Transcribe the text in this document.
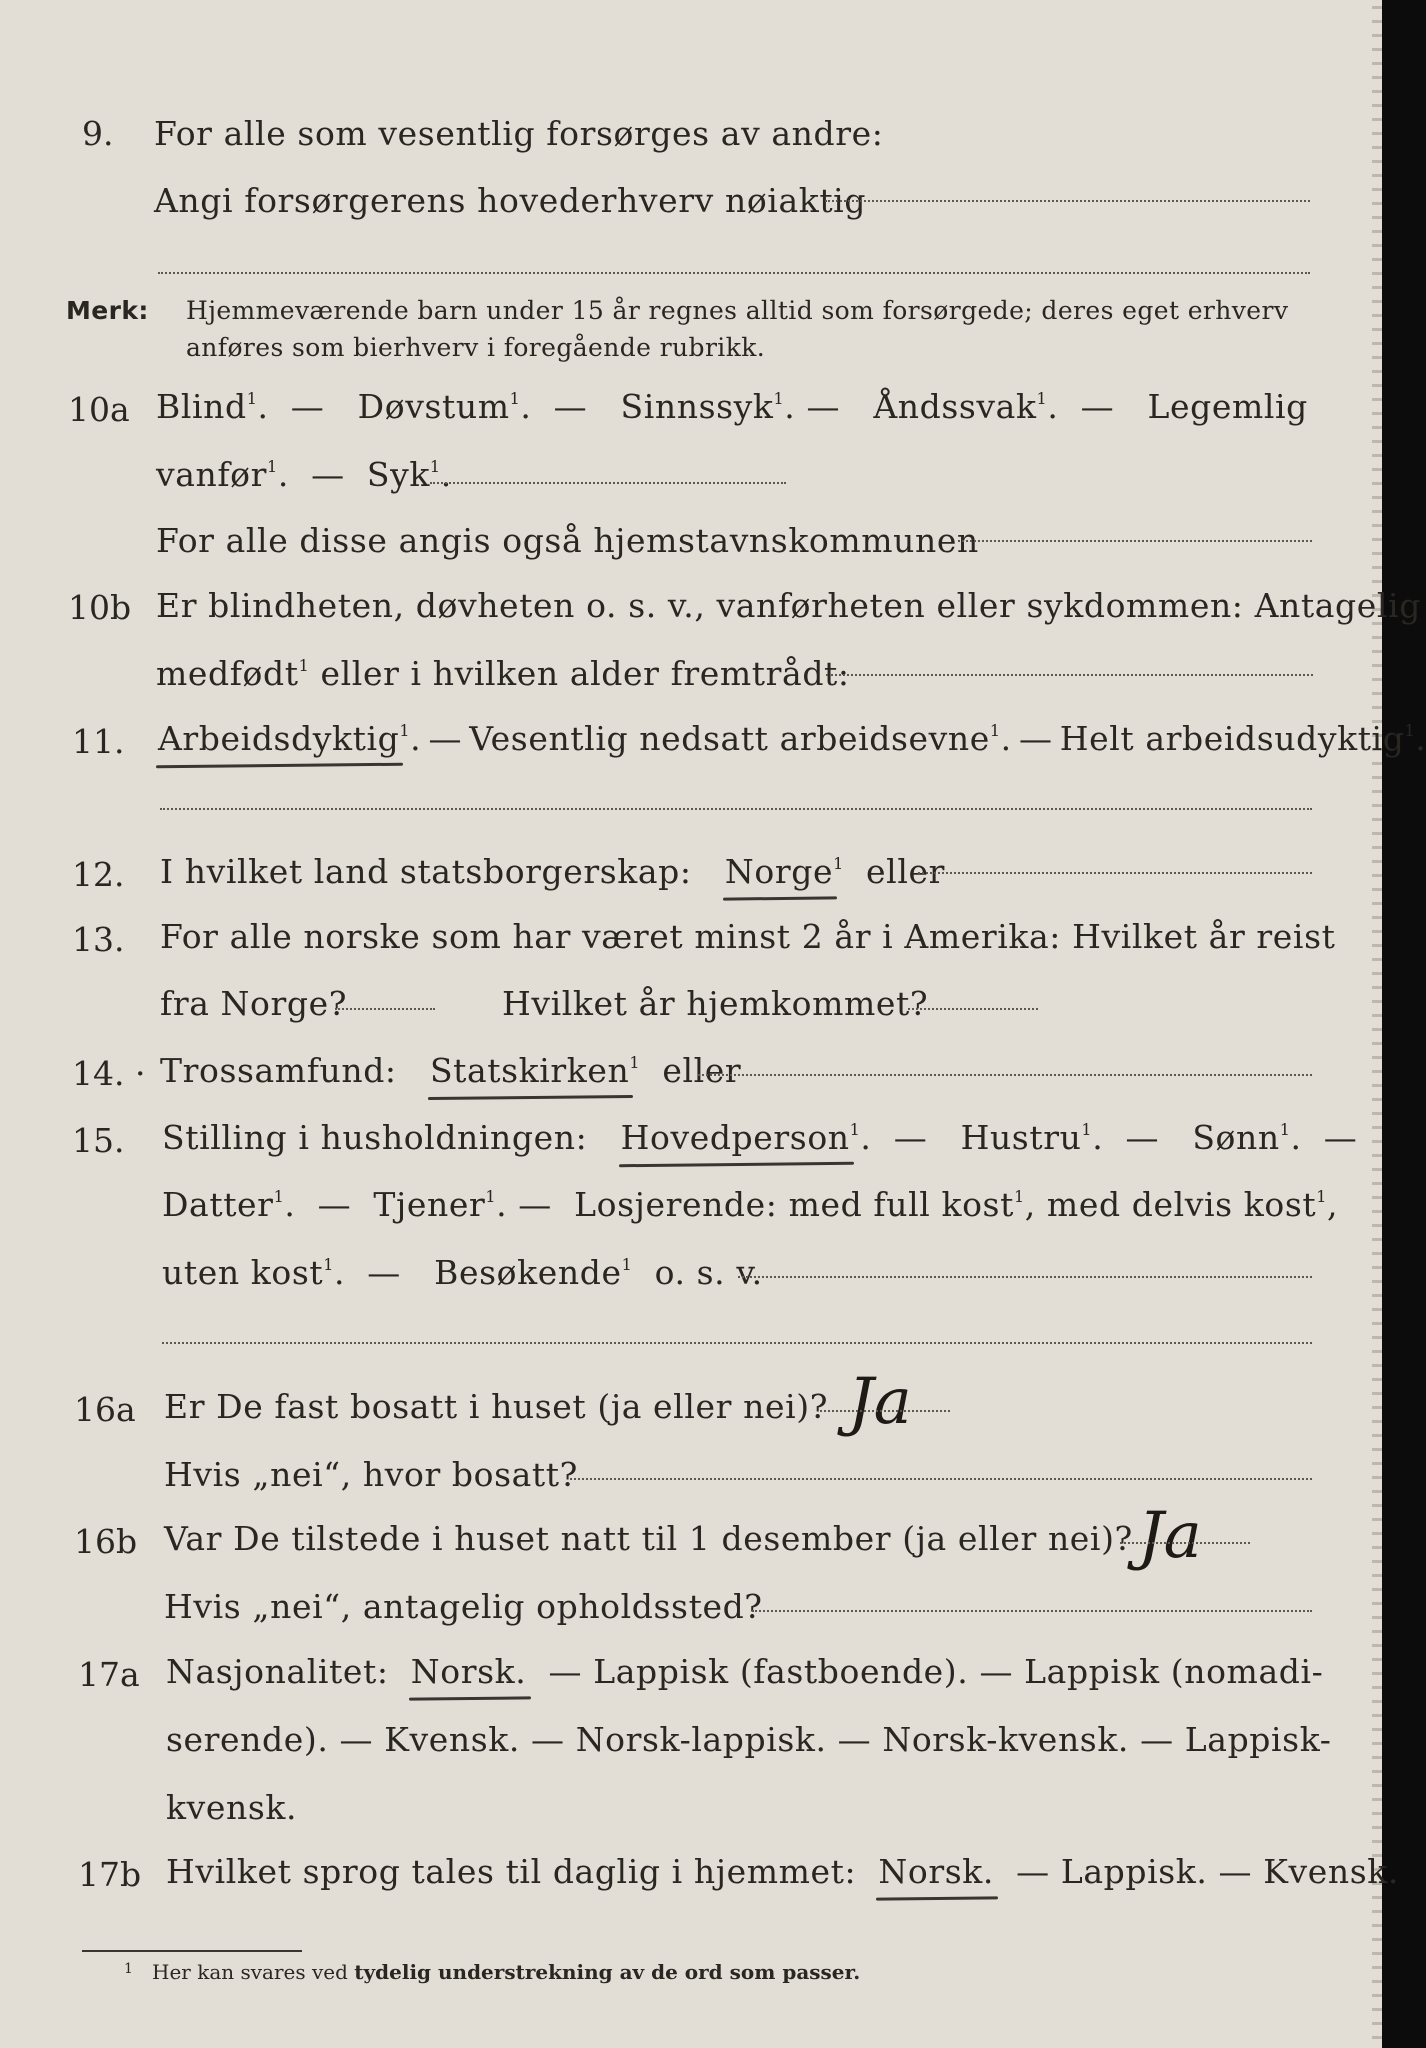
9. For alle som vesentlig forsørges av andre:
Angi forsørgerens hovederhverv nøiaktig
Merk: Hjemmeværende barn under 15 år regnes alltid som forsørgede; deres eget erhverv
anføres som bierhverv i foregående rubrikk.
10a Blind$^1$.  —   Døvstum$^1$.  —   Sinnssyk$^1$. —   Åndssvak$^1$.  —   Legemlig
vanfør$^1$.  —  Syk$^1$.
For alle disse angis også hjemstavnskommunen
10b Er blindheten, døvheten o. s. v., vanførheten eller sykdommen: Antagelig
medfødt$^1$ eller i hvilken alder fremtrådt:
11. Arbeidsdyktig$^1$. — Vesentlig nedsatt arbeidsevne$^1$. — Helt arbeidsudyktig$^1$.
12. I hvilket land statsborgerskap: Norge$^1$ eller
13. For alle norske som har været minst 2 år i Amerika: Hvilket år reist
fra Norge?	Hvilket år hjemkommet?
14. · Trossamfund: Statskirken$^1$ eller
15. Stilling i husholdningen: Hovedperson$^1$.  —   Hustru$^1$.  —   Sønn$^1$.  —
Datter$^1$.  —  Tjener$^1$. —  Losjerende: med full kost$^1$, med delvis kost$^1$,
uten kost$^1$.  —   Besøkende$^1$ o. s. v.
16a Er De fast bosatt i huset (ja eller nei)? Ja
Hvis „nei“, hvor bosatt?
16b Var De tilstede i huset natt til 1 desember (ja eller nei)? Ja
Hvis „nei“, antagelig opholdssted?
17a Nasjonalitet: Norsk. — Lappisk (fastboende). — Lappisk (nomadi-
serende). — Kvensk. — Norsk-lappisk. — Norsk-kvensk. — Lappisk-
kvensk.
17b Hvilket sprog tales til daglig i hjemmet: Norsk. — Lappisk. — Kvensk.
$^1$ Her kan svares ved tydelig understrekning av de ord som passer.
